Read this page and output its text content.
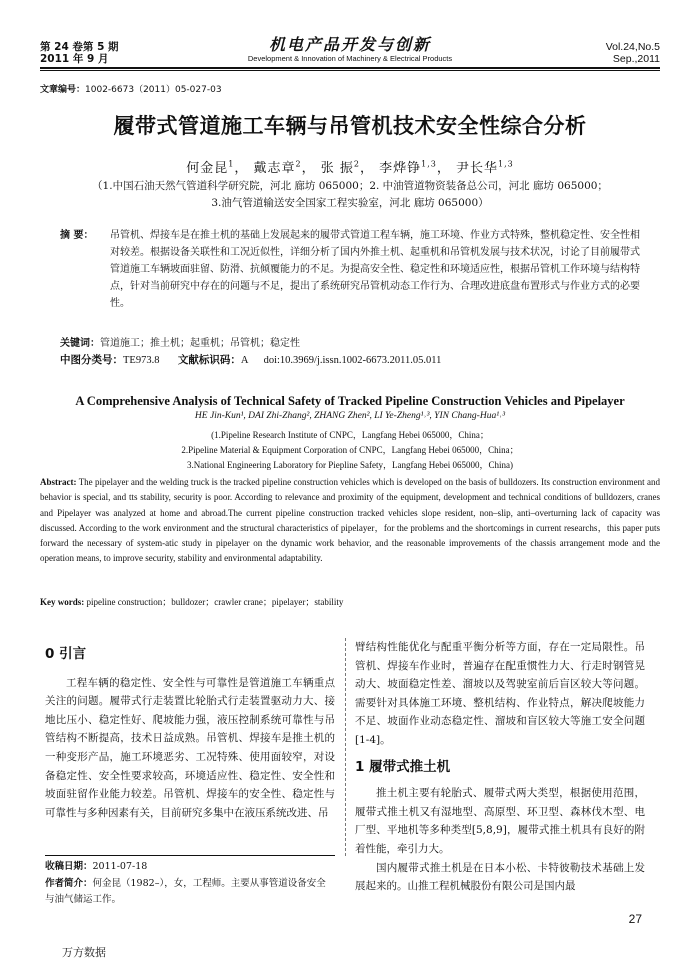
第 24 卷第 5 期
2011 年 9 月
机电产品开发与创新
Development & Innovation of Machinery & Electrical Products
Vol.24,No.5
Sep.,2011
文章编号：1002-6673（2011）05-027-03
履带式管道施工车辆与吊管机技术安全性综合分析
何金昆$^1$， 戴志章$^2$， 张 振$^2$， 李烨铮$^{1,3}$， 尹长华$^{1,3}$
（1.中国石油天然气管道科学研究院，河北 廊坊 065000；2. 中油管道物资装备总公司，河北 廊坊 065000；
3.油气管道输送安全国家工程实验室，河北 廊坊 065000）
摘 要：	吊管机、焊接车是在推土机的基础上发展起来的履带式管道工程车辆，施工环境、作业方式特殊，整机稳定性、安全性相对较差。根据设备关联性和工况近似性，详细分析了国内外推土机、起重机和吊管机发展与技术状况，讨论了目前履带式管道施工车辆坡面驻留、防滑、抗倾覆能力的不足。为提高安全性、稳定性和环境适应性，根据吊管机工作环境与结构特点，针对当前研究中存在的问题与不足，提出了系统研究吊管机动态工作行为、合理改进底盘布置形式与作业方式的必要性。
关键词：管道施工；推土机；起重机；吊管机；稳定性
中图分类号：TE973.8 文献标识码：A doi:10.3969/j.issn.1002-6673.2011.05.011
A Comprehensive Analysis of Technical Safety of Tracked Pipeline Construction Vehicles and Pipelayer
HE Jin-Kun¹, DAI Zhi-Zhang², ZHANG Zhen², LI Ye-Zheng¹˒³, YIN Chang-Hua¹˒³
(1.Pipeline Research Institute of CNPC，Langfang Hebei 065000，China；
2.Pipeline Material & Equipment Corporation of CNPC，Langfang Hebei 065000，China；
3.National Engineering Laboratory for Piepline Safety，Langfang Hebei 065000，China)
Abstract: The pipelayer and the welding truck is the tracked pipeline construction vehicles which is developed on the basis of bulldozers. Its construction environment and behavior is special, and tts stability, security is poor. According to relevance and proximity of the equipment, development and technical conditions of bulldozers, cranes and Pipelayer was analyzed at home and abroad.The current pipeline construction tracked vehicles slope resident, non–slip, anti–overturning lack of capacity was discussed. According to the work environment and the structural characteristics of pipelayer，for the problems and the shortcomings in current researchs，this paper puts forward the necessary of system-atic study in pipelayer on the dynamic work behavior, and the reasonable improvements of the chassis arrangement mode and the operation means, to improve security, stability and environmental adaptability.
Key words: pipeline construction；bulldozer；crawler crane；pipelayer；stability
0 引言
工程车辆的稳定性、安全性与可靠性是管道施工车辆重点关注的问题。履带式行走装置比轮胎式行走装置驱动力大、接地比压小、稳定性好、爬坡能力强，液压控制系统可靠性与吊管结构不断提高，技术日益成熟。吊管机、焊接车是推土机的一种变形产品，施工环境恶劣、工况特殊、使用面较窄，对设备稳定性、安全性要求较高，环境适应性、稳定性、安全性和坡面驻留作业能力较差。吊管机、焊接车的安全性、稳定性与可靠性与多种因素有关，目前研究多集中在液压系统改进、吊
臂结构性能优化与配重平衡分析等方面，存在一定局限性。吊管机、焊接车作业时，普遍存在配重惯性力大、行走时钢管晃动大、坡面稳定性差、溜坡以及驾驶室前后盲区较大等问题。需要针对具体施工环境、整机结构、作业特点，解决爬坡能力不足、坡面作业动态稳定性、溜坡和盲区较大等施工安全问题[1-4]。
1 履带式推土机
推土机主要有轮胎式、履带式两大类型，根据使用范围，履带式推土机又有湿地型、高原型、环卫型、森林伐木型、电厂型、平地机等多种类型[5,8,9]，履带式推土机具有良好的附着性能，牵引力大。
国内履带式推土机是在日本小松、卡特彼勒技术基础上发展起来的。山推工程机械股份有限公司是国内最
收稿日期：2011-07-18
作者简介：何金昆（1982–），女，工程师。主要从事管道设备安全与油气储运工作。
27
万方数据
